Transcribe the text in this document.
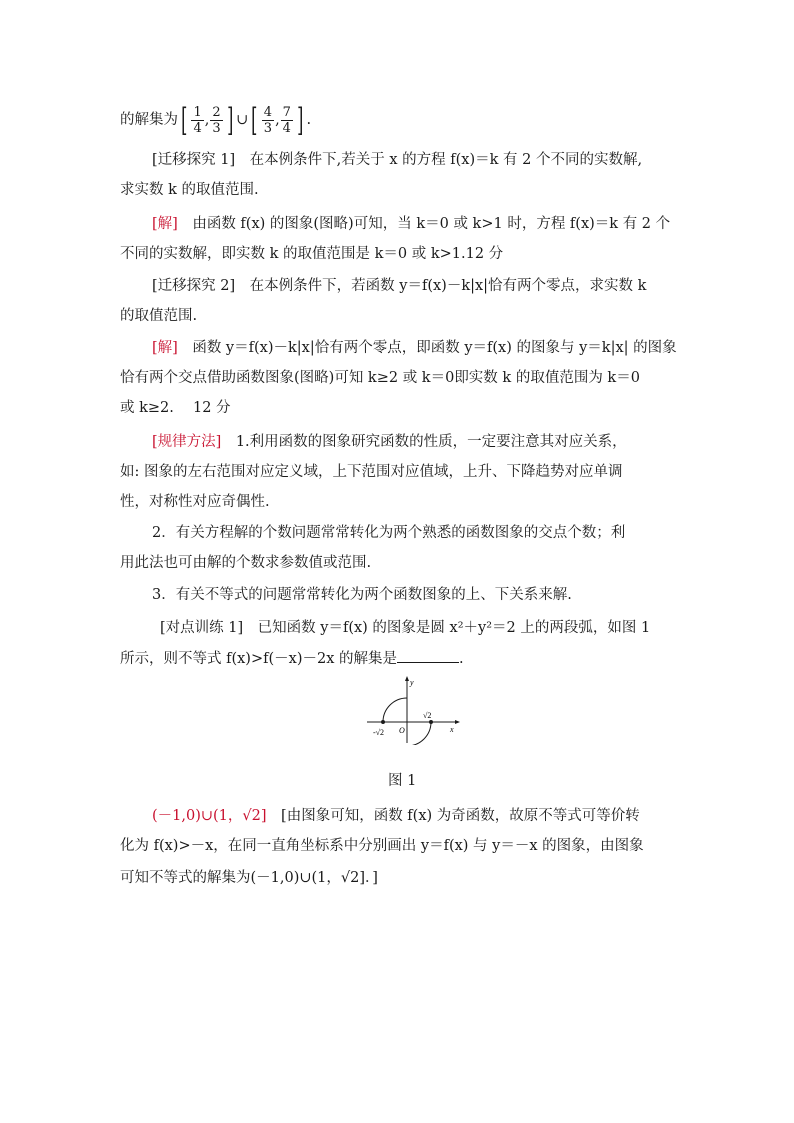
的解集为[ $\frac{1}{4}$ , $\frac{2}{3}$ ] ∪[ $\frac{4}{3}$ , $\frac{7}{4}$ ] .
[迁移探究 1]　 在本例条件下,若关于 x 的方程 f(x)＝k 有 2 个不同的实数解,
求实数 k 的取值范围.
[解]　 由函数 f(x) 的图象(图略)可知，当 k＝0 或 k>1 时，方程 f(x)＝k 有 2 个
不同的实数解，即实数 k 的取值范围是 k＝0 或 k>1.12 分
[迁移探究 2]　 在本例条件下，若函数 y＝f(x)－k|x|恰有两个零点，求实数 k
的取值范围.
[解]　 函数 y＝f(x)－k|x|恰有两个零点，即函数 y＝f(x) 的图象与 y＝k|x| 的图象
恰有两个交点借助函数图象(图略)可知 k≥2 或 k＝0即实数 k 的取值范围为 k＝0
或 k≥2.　 12 分
[规律方法]　 1.利用函数的图象研究函数的性质，一定要注意其对应关系，
如: 图象的左右范围对应定义域，上下范围对应值域，上升、下降趋势对应单调
性，对称性对应奇偶性.
2．有关方程解的个数问题常常转化为两个熟悉的函数图象的交点个数；利
用此法也可由解的个数求参数值或范围.
3．有关不等式的问题常常转化为两个函数图象的上、下关系来解.
[对点训练 1]　 已知函数 y＝f(x) 的图象是圆 x²＋y²＝2 上的两段弧，如图 1
所示，则不等式 f(x)>f(－x)－2x 的解集是	.
y
x
O
-√2
√2
图 1
(－1,0)∪(1，√2]　 [由图象可知，函数 f(x) 为奇函数，故原不等式可等价转
化为 f(x)>－x，在同一直角坐标系中分别画出 y＝f(x) 与 y＝－x 的图象，由图象
可知不等式的解集为(－1,0)∪(1，√2]．]
